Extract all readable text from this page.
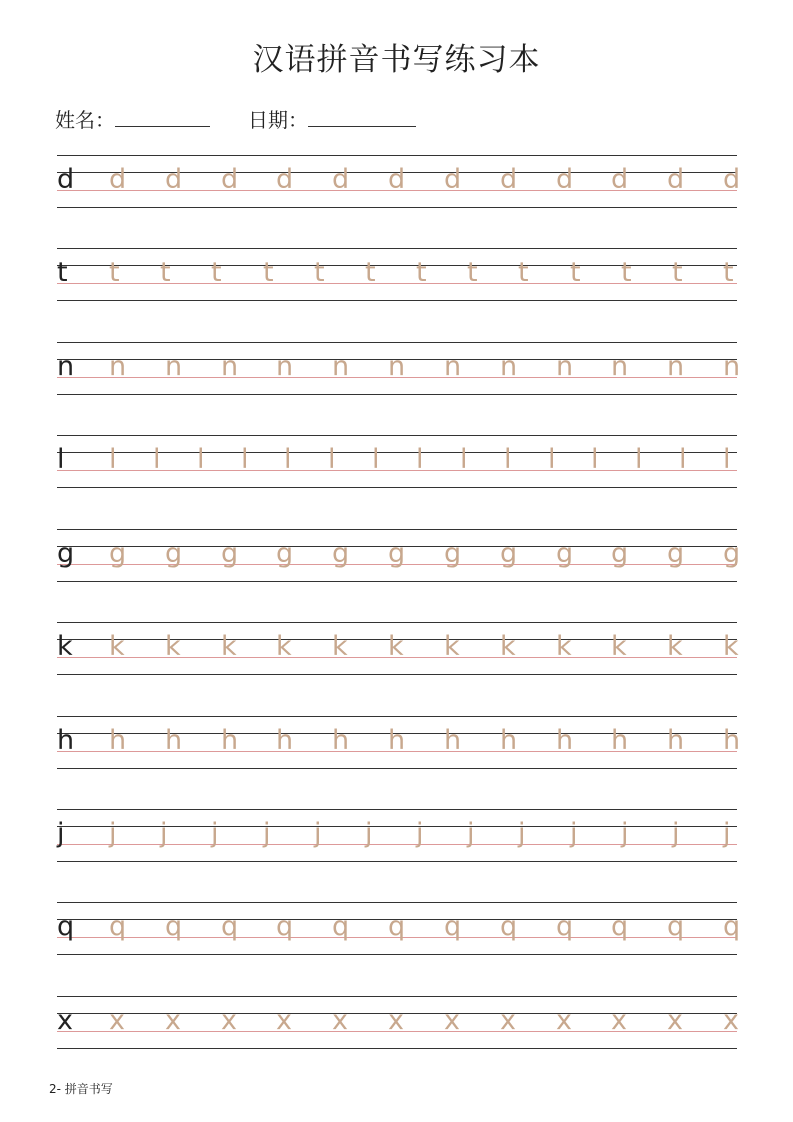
汉语拼音书写练习本
姓名：	日期：
d d d d d d d d d d d d d
t t t t t t t t t t t t t t
n n n n n n n n n n n n n
l l l l l l l l l l l l l l l l
g g g g g g g g g g g g g
k k k k k k k k k k k k k
h h h h h h h h h h h h h
j j j j j j j j j j j j j j
q q q q q q q q q q q q q
x x x x x x x x x x x x x
2- 拼音书写
